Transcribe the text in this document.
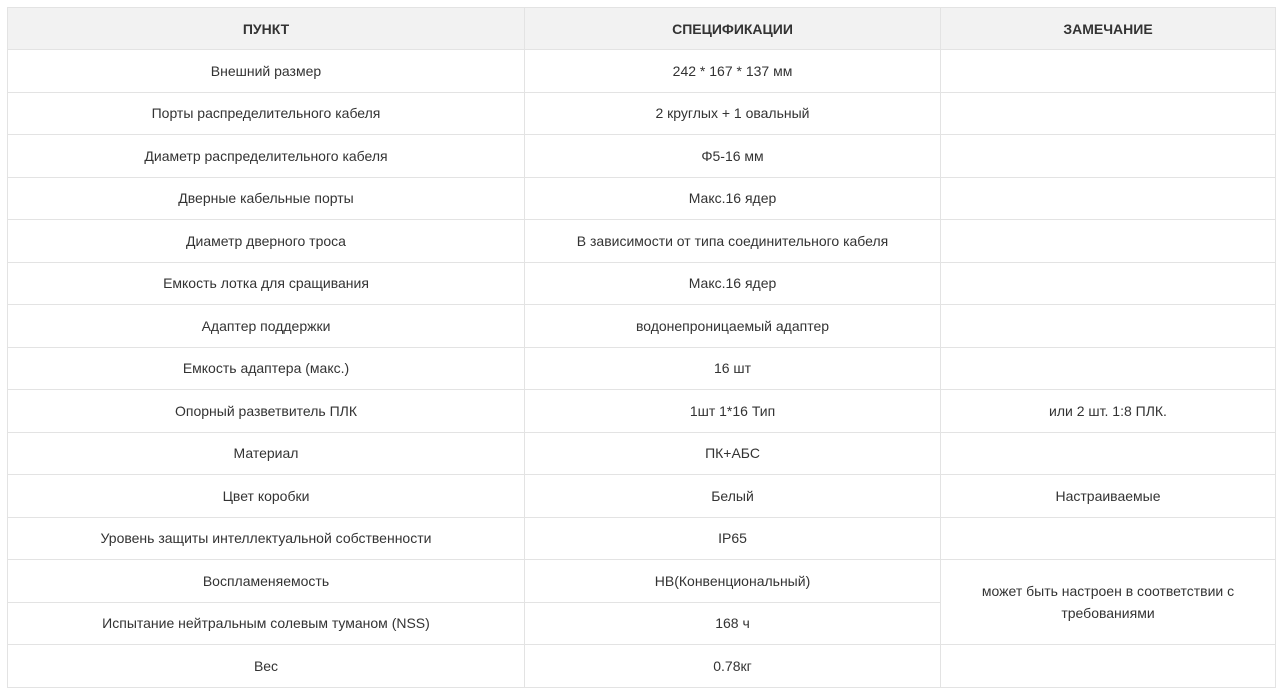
ПУНКТ	СПЕЦИФИКАЦИИ	ЗАМЕЧАНИЕ
Внешний размер	242 * 167 * 137 мм	
Порты распределительного кабеля	2 круглых + 1 овальный	
Диаметр распределительного кабеля	Φ5-16 мм	
Дверные кабельные порты	Макс.16 ядер	
Диаметр дверного троса	В зависимости от типа соединительного кабеля	
Емкость лотка для сращивания	Макс.16 ядер	
Адаптер поддержки	водонепроницаемый адаптер	
Емкость адаптера (макс.)	16 шт	
Опорный разветвитель ПЛК	1шт 1*16 Тип	или 2 шт. 1:8 ПЛК.
Материал	ПК+АБС	
Цвет коробки	Белый	Настраиваемые
Уровень защиты интеллектуальной собственности	IP65	
Воспламеняемость	HB(Конвенциональный)	может быть настроен в соответствии с требованиями
Испытание нейтральным солевым туманом (NSS)	168 ч	
Вес	0.78кг	
